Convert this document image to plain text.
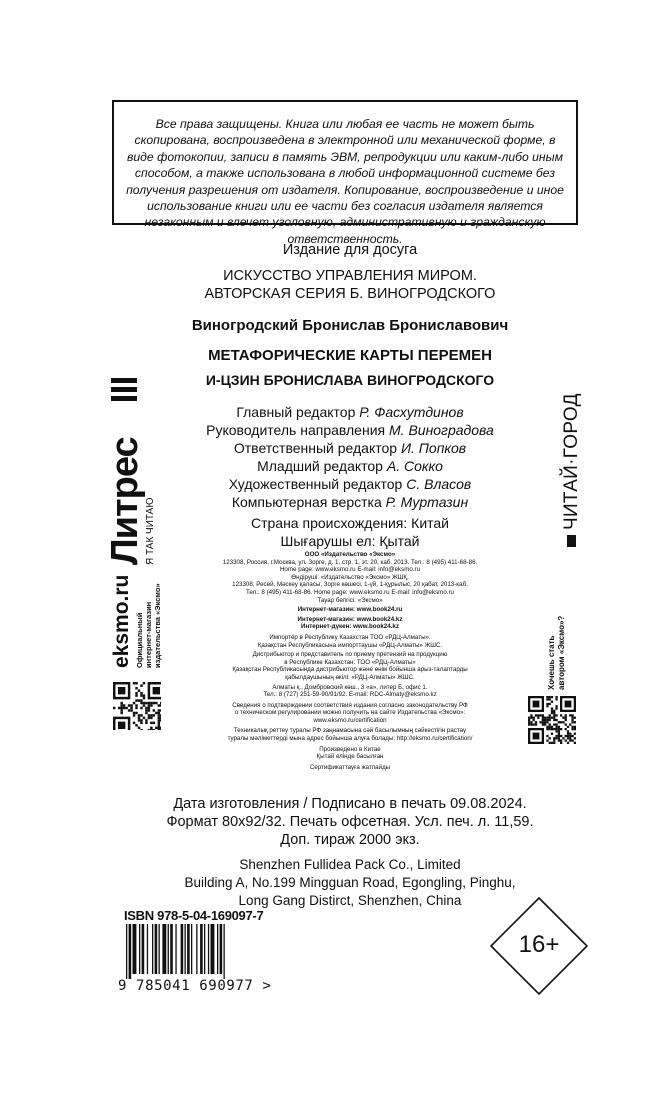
Все права защищены. Книга или любая ее часть не может быть скопирована, воспроизведена в электронной или механической форме, в виде фотокопии, записи в память ЭВМ, репродукции или каким-либо иным способом, а также использована в любой информационной системе без получения разрешения от издателя. Копирование, воспроизведение и иное использование книги или ее части без согласия издателя является незаконным и влечет уголовную, административную и гражданскую ответственность.
Издание для досуга
ИСКУССТВО УПРАВЛЕНИЯ МИРОМ.
АВТОРСКАЯ СЕРИЯ Б. ВИНОГРОДСКОГО
Виногродский Бронислав Брониславович
МЕТАФОРИЧЕСКИЕ КАРТЫ ПЕРЕМЕН
И-ЦЗИН БРОНИСЛАВА ВИНОГРОДСКОГО
Главный редактор Р. Фасхутдинов
Руководитель направления М. Виноградова
Ответственный редактор И. Попков
Младший редактор А. Сокко
Художественный редактор С. Власов
Компьютерная верстка Р. Муртазин
Страна происхождения: Китай
Шығарушы ел: Қытай
ООО «Издательство «Эксмо»
123308, Россия, г.Москва, ул. Зорге, д. 1, стр. 1, эт. 20, каб. 2013. Тел.: 8 (495) 411-68-86.
Home page: www.eksmo.ru E-mail: info@eksmo.ru
Өндіруші: «Издательство «Эксмо» ЖШҚ,
123308, Ресей, Мәскеу қаласы, Зорге көшесі, 1-үй, 1-құрылыс, 20 қабат, 2013-каб.
Тел.: 8 (495) 411-68-86. Home page: www.eksmo.ru E-mail: info@eksmo.ru
Тауар белгісі: «Эксмо»
Интернет-магазин: www.book24.ru
Интернет-магазин: www.book24.kz
Интернет-дүкен: www.book24.kz
Импортёр в Республику Казахстан ТОО «РДЦ-Алматы».
Қазақстан Республикасына импорттаушы «РДЦ-Алматы» ЖШС.
Дистрибьютор и представитель по приему претензий на продукцию
в Республике Казахстан: ТОО «РДЦ-Алматы»
Қазақстан Республикасында дистрибьютор және өнім бойынша арыз-талаптарды
қабылдаушының өкілі: «РДЦ-Алматы» ЖШС.
Алматы қ., Домбровский көш., 3 «а», литер Б, офис 1.
Тел.: 8 (727) 251-59-90/91/92. E-mail: RDC-Almaty@eksmo.kz
Сведения о подтверждении соответствия издания согласно законодательству РФ
о техническом регулировании можно получить на сайте Издательства «Эксмо»:
www.eksmo.ru/certification
Техникалық реттеу туралы РФ заңнамасына сәй басылымның сәйкестігін растау
туралы мәліметтерді мына адрес бойынша алуға болады: http://eksmo.ru/certification/
Произведено в Китае
Қытай елінде басылған
Сертификаттауға жатпайды
Дата изготовления / Подписано в печать 09.08.2024.
Формат 80x92/32. Печать офсетная. Усл. печ. л. 11,59.
Доп. тираж 2000 экз.
Shenzhen Fullidea Pack Co., Limited
Building A, No.199 Mingguan Road, Egongling, Pinghu,
Long Gang Distirct, Shenzhen, China
ISBN 978-5-04-169097-7
9 785041 690977 >
16+
Литрес Я ТАК ЧИТАЮ
eksmo.ru Официальный интернет-магазин издательства «Эксмо»
ЧИТАЙ·ГОРОД
Хочешь стать автором «Эксмо»?
